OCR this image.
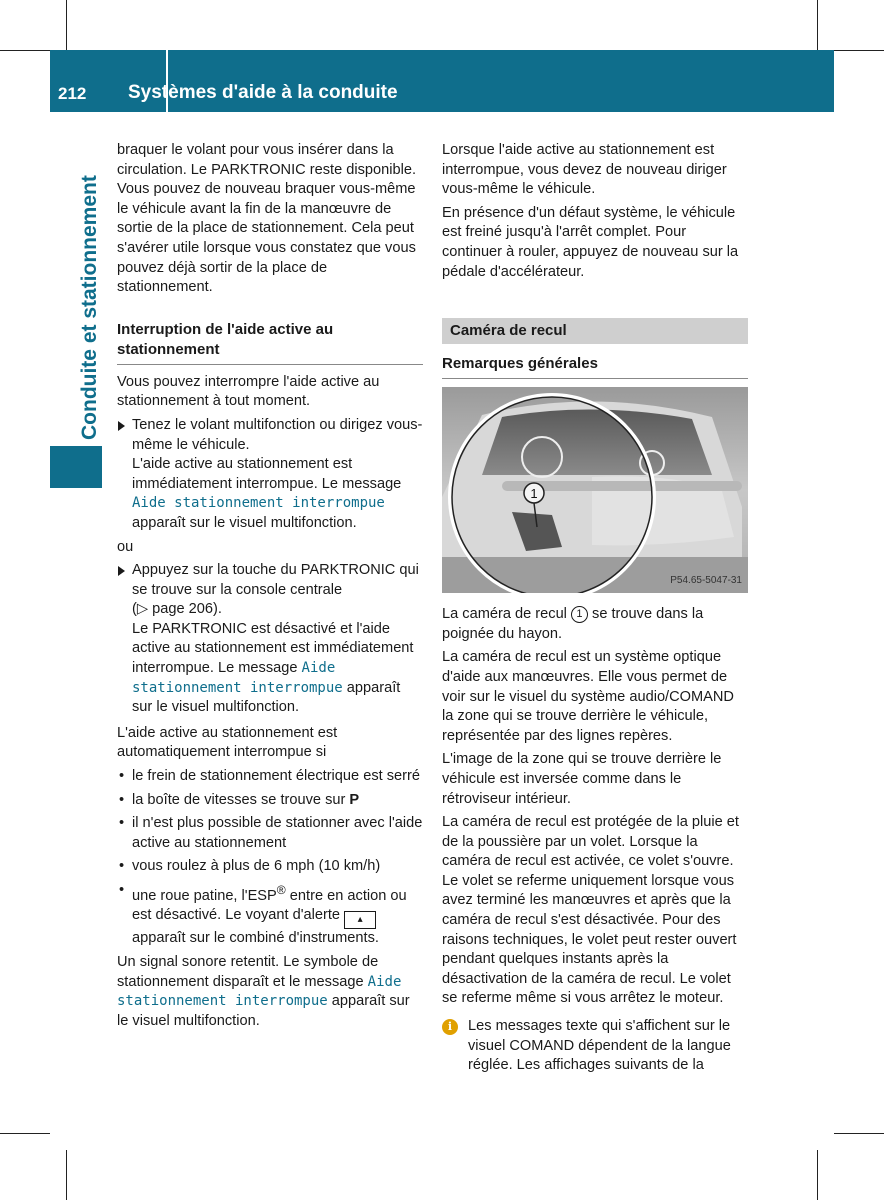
212 Systèmes d'aide à la conduite
Conduite et stationnement

braquer le volant pour vous insérer dans la circulation. Le PARKTRONIC reste disponible. Vous pouvez de nouveau braquer vous-même le véhicule avant la fin de la manœuvre de sortie de la place de stationnement. Cela peut s'avérer utile lorsque vous constatez que vous pouvez déjà sortir de la place de stationnement.

Interruption de l'aide active au stationnement

Vous pouvez interrompre l'aide active au stationnement à tout moment.

Tenez le volant multifonction ou dirigez vous-même le véhicule.
L'aide active au stationnement est immédiatement interrompue. Le message Aide stationnement interrompue apparaît sur le visuel multifonction.

ou

Appuyez sur la touche du PARKTRONIC qui se trouve sur la console centrale
(▷ page 206).
Le PARKTRONIC est désactivé et l'aide active au stationnement est immédiatement interrompue. Le message Aide stationnement interrompue apparaît sur le visuel multifonction.

L'aide active au stationnement est automatiquement interrompue si

• le frein de stationnement électrique est serré
• la boîte de vitesses se trouve sur P
• il n'est plus possible de stationner avec l'aide active au stationnement
• vous roulez à plus de 6 mph (10 km/h)
• une roue patine, l'ESP® entre en action ou est désactivé. Le voyant d'alerte ▴ apparaît sur le combiné d'instruments.

Un signal sonore retentit. Le symbole de stationnement disparaît et le message Aide stationnement interrompue apparaît sur le visuel multifonction.

Lorsque l'aide active au stationnement est interrompue, vous devez de nouveau diriger vous-même le véhicule.

En présence d'un défaut système, le véhicule est freiné jusqu'à l'arrêt complet. Pour continuer à rouler, appuyez de nouveau sur la pédale d'accélérateur.

Caméra de recul
Remarques générales
1
P54.65-5047-31

La caméra de recul 1 se trouve dans la poignée du hayon.

La caméra de recul est un système optique d'aide aux manœuvres. Elle vous permet de voir sur le visuel du système audio/COMAND la zone qui se trouve derrière le véhicule, représentée par des lignes repères.

L'image de la zone qui se trouve derrière le véhicule est inversée comme dans le rétroviseur intérieur.

La caméra de recul est protégée de la pluie et de la poussière par un volet. Lorsque la caméra de recul est activée, ce volet s'ouvre. Le volet se referme uniquement lorsque vous avez terminé les manœuvres et après que la caméra de recul s'est désactivée. Pour des raisons techniques, le volet peut rester ouvert pendant quelques instants après la désactivation de la caméra de recul. Le volet se referme même si vous arrêtez le moteur.

i	Les messages texte qui s'affichent sur le visuel COMAND dépendent de la langue réglée. Les affichages suivants de la
